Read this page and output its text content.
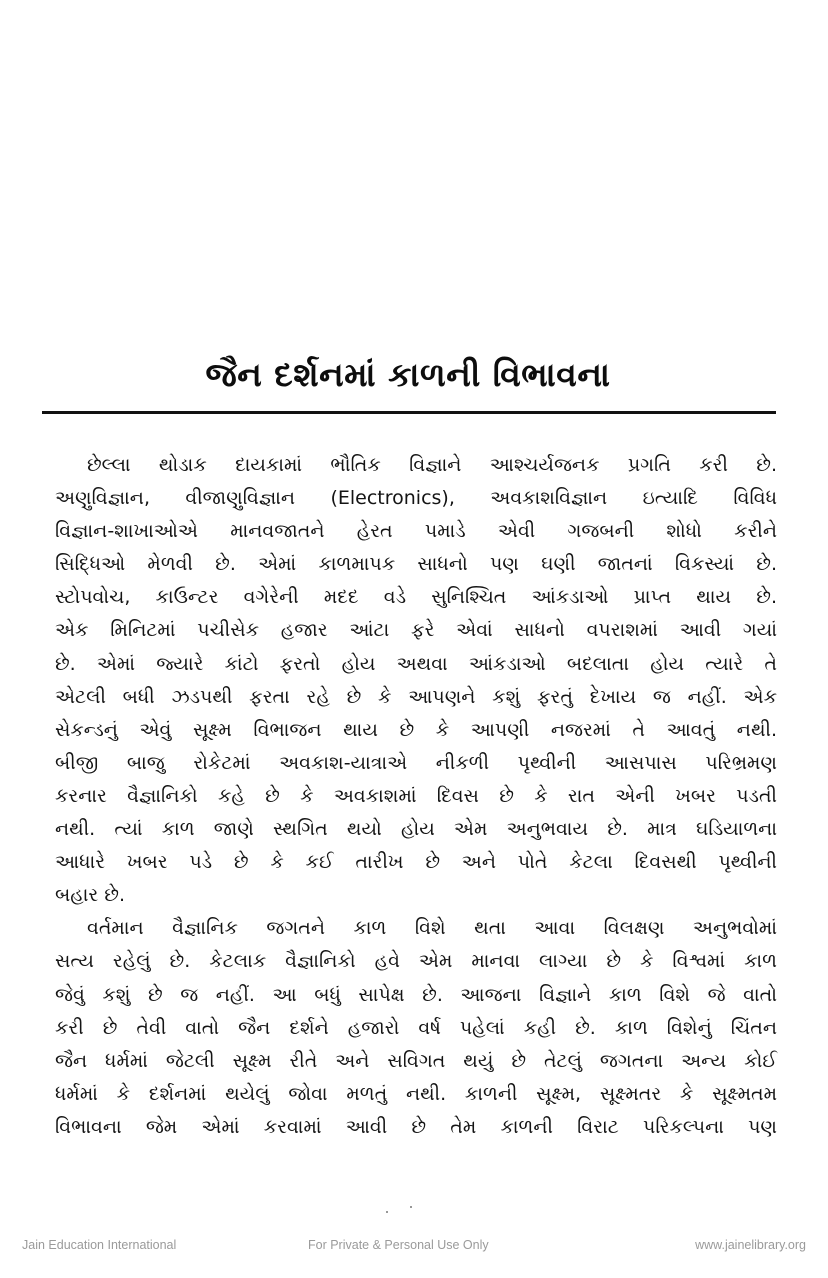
જૈન દર્શનમાં કાળની વિભાવના
છેલ્લા થોડાક દાયકામાં ભૌતિક વિજ્ઞાને આશ્ચર્યજનક પ્રગતિ કરી છે.
અણુવિજ્ઞાન, વીજાણુવિજ્ઞાન (Electronics), અવકાશવિજ્ઞાન ઇત્યાદિ વિવિધ
વિજ્ઞાન-શાખાઓએ માનવજાતને હેરત પમાડે એવી ગજબની શોધો કરીને
સિદ્ધિઓ મેળવી છે. એમાં કાળમાપક સાધનો પણ ઘણી જાતનાં વિકસ્યાં છે.
સ્ટોપવોચ, કાઉન્ટર વગેરેની મદદ વડે સુનિશ્ચિત આંકડાઓ પ્રાપ્ત થાય છે.
એક મિનિટમાં પચીસેક હજાર આંટા ફરે એવાં સાધનો વપરાશમાં આવી ગયાં
છે. એમાં જ્યારે કાંટો ફરતો હોય અથવા આંકડાઓ બદલાતા હોય ત્યારે તે
એટલી બધી ઝડપથી ફરતા રહે છે કે આપણને કશું ફરતું દેખાય જ નહીં. એક
સેકન્ડનું એવું સૂક્ષ્મ વિભાજન થાય છે કે આપણી નજરમાં તે આવતું નથી.
બીજી બાજુ રોકેટમાં અવકાશ-યાત્રાએ નીકળી પૃથ્વીની આસપાસ પરિભ્રમણ
કરનાર વૈજ્ઞાનિકો કહે છે કે અવકાશમાં દિવસ છે કે રાત એની ખબર પડતી
નથી. ત્યાં કાળ જાણે સ્થગિત થયો હોય એમ અનુભવાય છે. માત્ર ઘડિયાળના
આધારે ખબર પડે છે કે કઈ તારીખ છે અને પોતે કેટલા દિવસથી પૃથ્વીની
બહાર છે.
વર્તમાન વૈજ્ઞાનિક જગતને કાળ વિશે થતા આવા વિલક્ષણ અનુભવોમાં
સત્ય રહેલું છે. કેટલાક વૈજ્ઞાનિકો હવે એમ માનવા લાગ્યા છે કે વિશ્વમાં કાળ
જેવું કશું છે જ નહીં. આ બધું સાપેક્ષ છે. આજના વિજ્ઞાને કાળ વિશે જે વાતો
કરી છે તેવી વાતો જૈન દર્શને હજારો વર્ષ પહેલાં કહી છે. કાળ વિશેનું ચિંતન
જૈન ધર્મમાં જેટલી સૂક્ષ્મ રીતે અને સવિગત થયું છે તેટલું જગતના અન્ય કોઈ
ધર્મમાં કે દર્શનમાં થયેલું જોવા મળતું નથી. કાળની સૂક્ષ્મ, સૂક્ષ્મતર કે સૂક્ષ્મતમ
વિભાવના જેમ એમાં કરવામાં આવી છે તેમ કાળની વિરાટ પરિકલ્પના પણ
Jain Education International	For Private & Personal Use Only	www.jainelibrary.org
